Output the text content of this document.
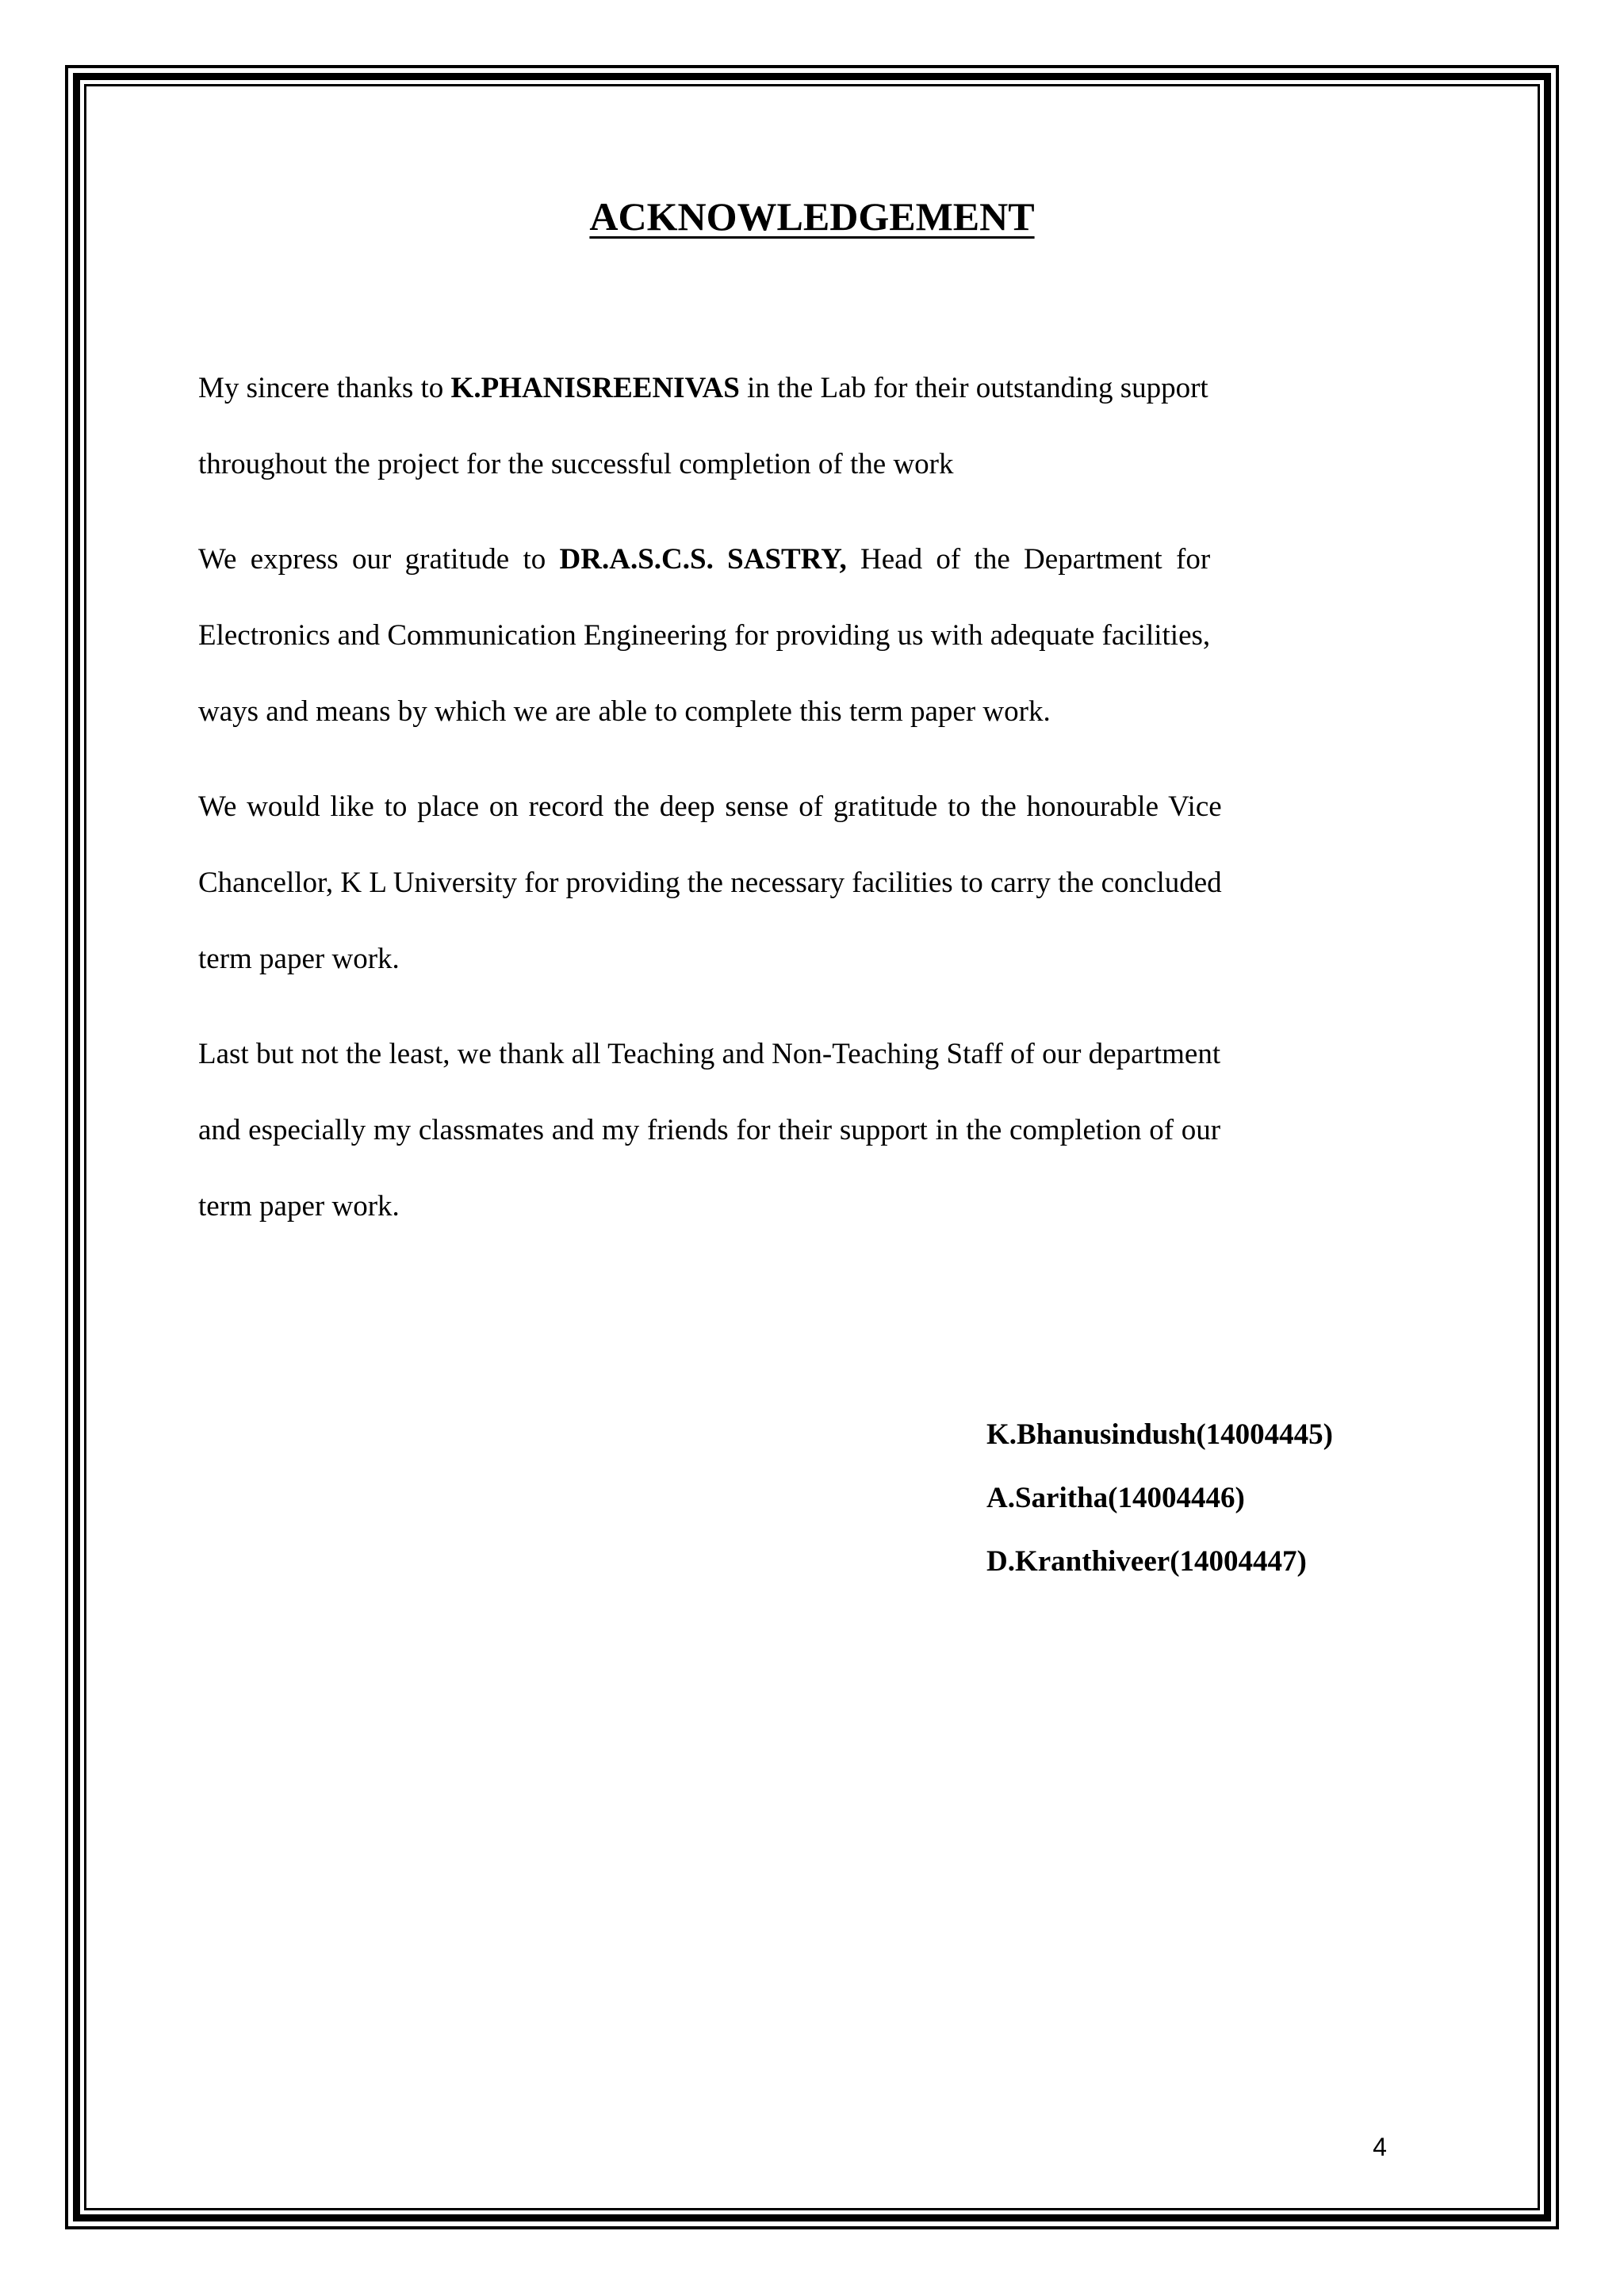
ACKNOWLEDGEMENT
My sincere thanks to K.PHANISREENIVAS in the Lab for their outstanding support
throughout the project for the successful completion of the work
We express our gratitude to DR.A.S.C.S. SASTRY, Head of the Department for
Electronics and Communication Engineering for providing us with adequate facilities,
ways and means by which we are able to complete this term paper work.
We would like to place on record the deep sense of gratitude to the honourable Vice
Chancellor, K L University for providing the necessary facilities to carry the concluded
term paper work.
Last but not the least, we thank all Teaching and Non-Teaching Staff of our department
and especially my classmates and my friends for their support in the completion of our
term paper work.
K.Bhanusindush(14004445)
A.Saritha(14004446)
D.Kranthiveer(14004447)
4
